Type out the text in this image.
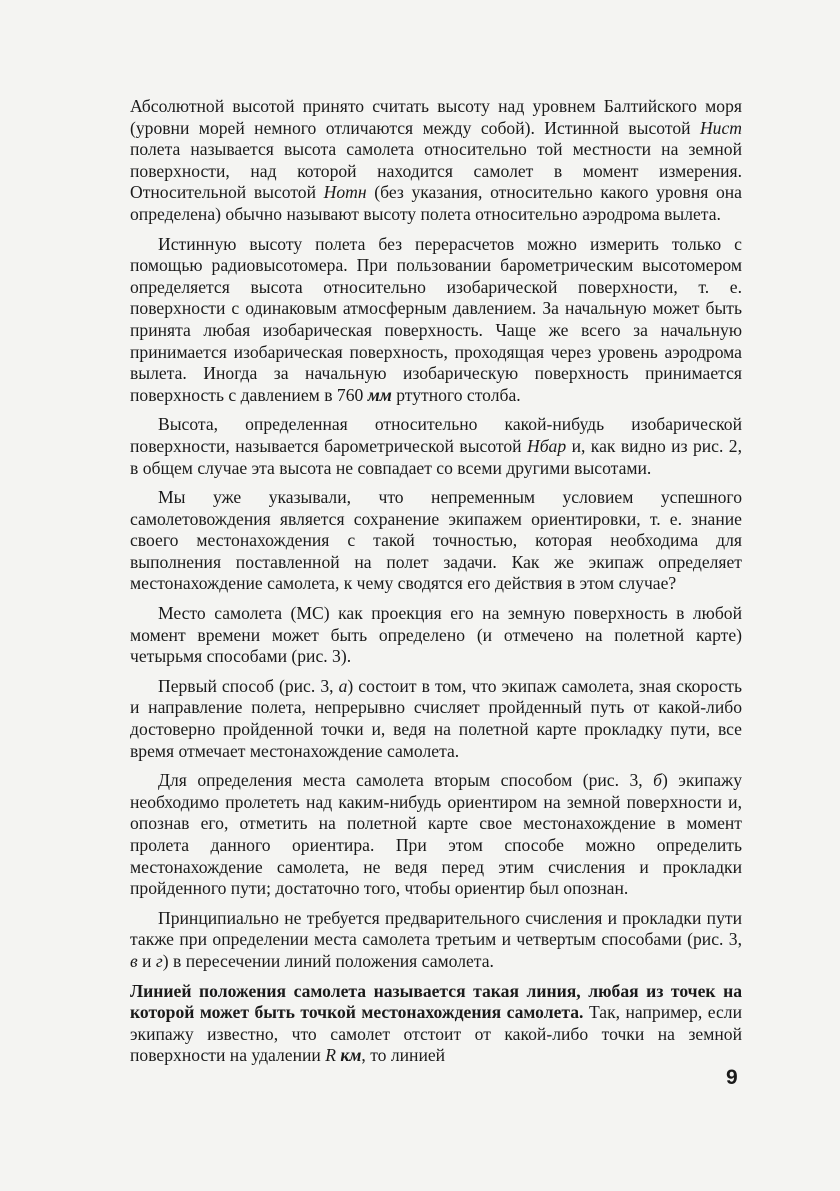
Абсолютной высотой принято считать высоту над уровнем Балтийского моря (уровни морей немного отличаются между собой). Истинной высотой Hист полета называется высота самолета относительно той местности на земной поверхности, над которой находится самолет в момент измерения. Относительной высотой Hотн (без указания, относительно какого уровня она определена) обычно называют высоту полета относительно аэродрома вылета.

Истинную высоту полета без перерасчетов можно измерить только с помощью радиовысотомера. При пользовании барометрическим высотомером определяется высота относительно изобарической поверхности, т. е. поверхности с одинаковым атмосферным давлением. За начальную может быть принята любая изобарическая поверхность. Чаще же всего за начальную принимается изобарическая поверхность, проходящая через уровень аэродрома вылета. Иногда за начальную изобарическую поверхность принимается поверхность с давлением в 760 мм ртутного столба.

Высота, определенная относительно какой-нибудь изобарической поверхности, называется барометрической высотой Hбар и, как видно из рис. 2, в общем случае эта высота не совпадает со всеми другими высотами.

Мы уже указывали, что непременным условием успешного самолетовождения является сохранение экипажем ориентировки, т. е. знание своего местонахождения с такой точностью, которая необходима для выполнения поставленной на полет задачи. Как же экипаж определяет местонахождение самолета, к чему сводятся его действия в этом случае?

Место самолета (МС) как проекция его на земную поверхность в любой момент времени может быть определено (и отмечено на полетной карте) четырьмя способами (рис. 3).

Первый способ (рис. 3, а) состоит в том, что экипаж самолета, зная скорость и направление полета, непрерывно счисляет пройденный путь от какой-либо достоверно пройденной точки и, ведя на полетной карте прокладку пути, все время отмечает местонахождение самолета.

Для определения места самолета вторым способом (рис. 3, б) экипажу необходимо пролететь над каким-нибудь ориентиром на земной поверхности и, опознав его, отметить на полетной карте свое местонахождение в момент пролета данного ориентира. При этом способе можно определить местонахождение самолета, не ведя перед этим счисления и прокладки пройденного пути; достаточно того, чтобы ориентир был опознан.

Принципиально не требуется предварительного счисления и прокладки пути также при определении места самолета третьим и четвертым способами (рис. 3, в и г) в пересечении линий положения самолета.

Линией положения самолета называется такая линия, любая из точек на которой может быть точкой местонахождения самолета. Так, например, если экипажу известно, что самолет отстоит от какой-либо точки на земной поверхности на удалении R км, то линией

9
